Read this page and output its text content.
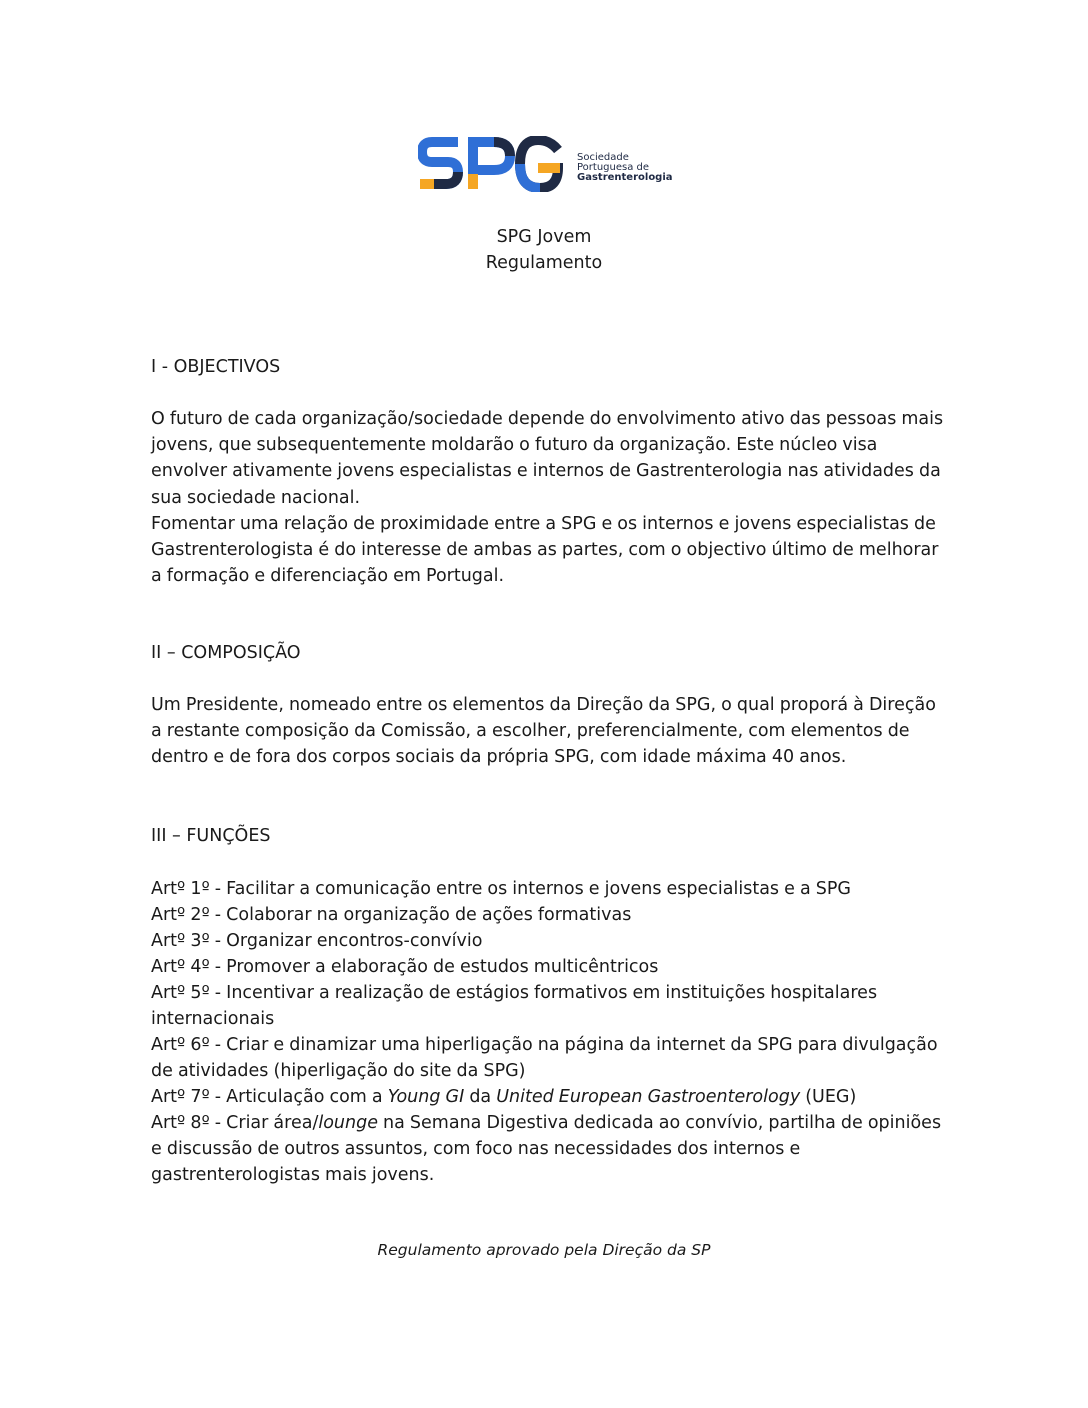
Sociedade
Portuguesa de
Gastrenterologia
SPG Jovem
Regulamento
I - OBJECTIVOS
O futuro de cada organização/sociedade depende do envolvimento ativo das pessoas mais
jovens, que subsequentemente moldarão o futuro da organização. Este núcleo visa
envolver ativamente jovens especialistas e internos de Gastrenterologia nas atividades da
sua sociedade nacional.
Fomentar uma relação de proximidade entre a SPG e os internos e jovens especialistas de
Gastrenterologista é do interesse de ambas as partes, com o objectivo último de melhorar
a formação e diferenciação em Portugal.
II – COMPOSIÇÃO
Um Presidente, nomeado entre os elementos da Direção da SPG, o qual proporá à Direção
a restante composição da Comissão, a escolher, preferencialmente, com elementos de
dentro e de fora dos corpos sociais da própria SPG, com idade máxima 40 anos.
III – FUNÇÕES
Artº 1º - Facilitar a comunicação entre os internos e jovens especialistas e a SPG
Artº 2º - Colaborar na organização de ações formativas
Artº 3º - Organizar encontros-convívio
Artº 4º - Promover a elaboração de estudos multicêntricos
Artº 5º - Incentivar a realização de estágios formativos em instituições hospitalares
internacionais
Artº 6º - Criar e dinamizar uma hiperligação na página da internet da SPG para divulgação
de atividades (hiperligação do site da SPG)
Artº 7º - Articulação com a Young GI da United European Gastroenterology (UEG)
Artº 8º - Criar área/lounge na Semana Digestiva dedicada ao convívio, partilha de opiniões
e discussão de outros assuntos, com foco nas necessidades dos internos e
gastrenterologistas mais jovens.
Regulamento aprovado pela Direção da SP
